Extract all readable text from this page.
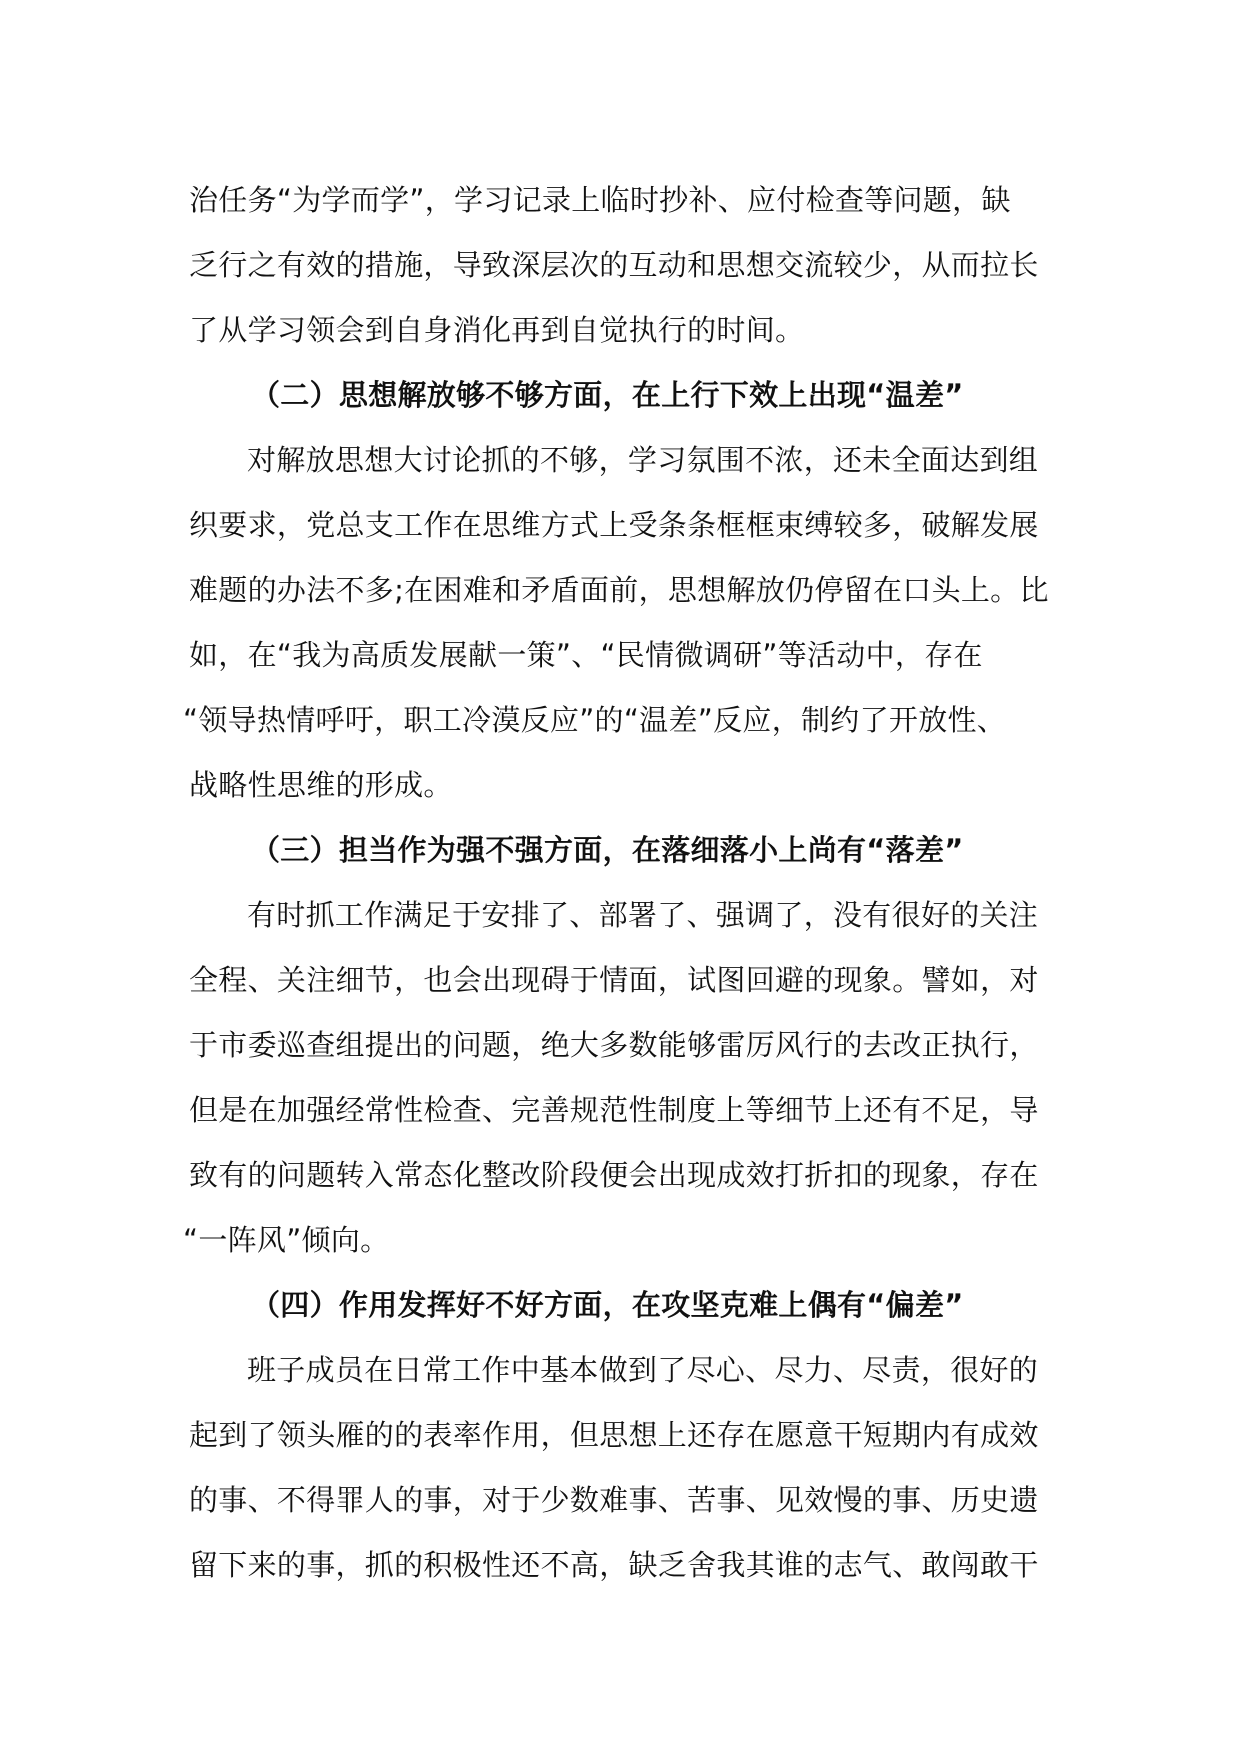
治任务“为学而学”，学习记录上临时抄补、应付检查等问题，缺
乏行之有效的措施，导致深层次的互动和思想交流较少，从而拉长
了从学习领会到自身消化再到自觉执行的时间。
（二）思想解放够不够方面，在上行下效上出现“温差”
对解放思想大讨论抓的不够，学习氛围不浓，还未全面达到组
织要求，党总支工作在思维方式上受条条框框束缚较多，破解发展
难题的办法不多;在困难和矛盾面前，思想解放仍停留在口头上。比
如，在“我为高质发展献一策”、“民情微调研”等活动中，存在
“领导热情呼吁，职工冷漠反应”的“温差”反应，制约了开放性、
战略性思维的形成。
（三）担当作为强不强方面，在落细落小上尚有“落差”
有时抓工作满足于安排了、部署了、强调了，没有很好的关注
全程、关注细节，也会出现碍于情面，试图回避的现象。譬如，对
于市委巡查组提出的问题，绝大多数能够雷厉风行的去改正执行，
但是在加强经常性检查、完善规范性制度上等细节上还有不足，导
致有的问题转入常态化整改阶段便会出现成效打折扣的现象，存在
“一阵风”倾向。
（四）作用发挥好不好方面，在攻坚克难上偶有“偏差”
班子成员在日常工作中基本做到了尽心、尽力、尽责，很好的
起到了领头雁的的表率作用，但思想上还存在愿意干短期内有成效
的事、不得罪人的事，对于少数难事、苦事、见效慢的事、历史遗
留下来的事，抓的积极性还不高，缺乏舍我其谁的志气、敢闯敢干
